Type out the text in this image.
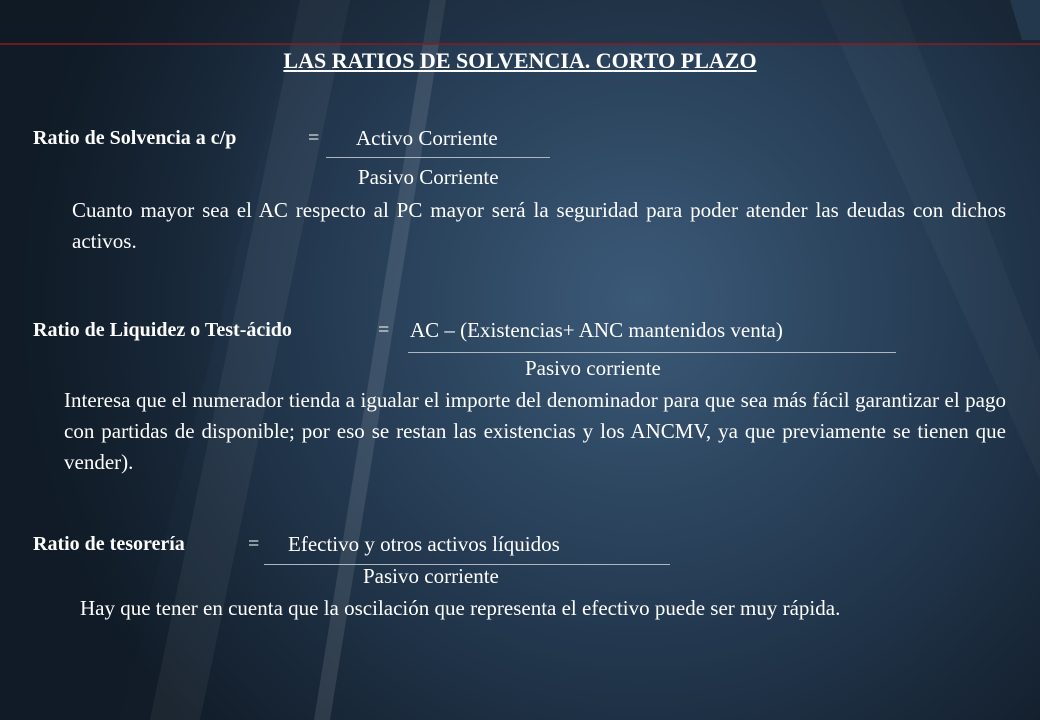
LAS RATIOS DE SOLVENCIA. CORTO PLAZO
Ratio de Solvencia a c/p	= Activo Corriente
Pasivo Corriente
Cuanto mayor sea el AC respecto al PC mayor será la seguridad para poder atender las deudas con dichos activos.
Ratio de Liquidez o Test-ácido	= AC – (Existencias+ ANC mantenidos venta)
Pasivo corriente
Interesa que el numerador tienda a igualar el importe del denominador para que sea más fácil garantizar el pago con partidas de disponible; por eso se restan las existencias y los ANCMV, ya que previamente se tienen que vender).
Ratio de tesorería	= Efectivo y otros activos líquidos
Pasivo corriente
Hay que tener en cuenta que la oscilación que representa el efectivo puede ser muy rápida.
